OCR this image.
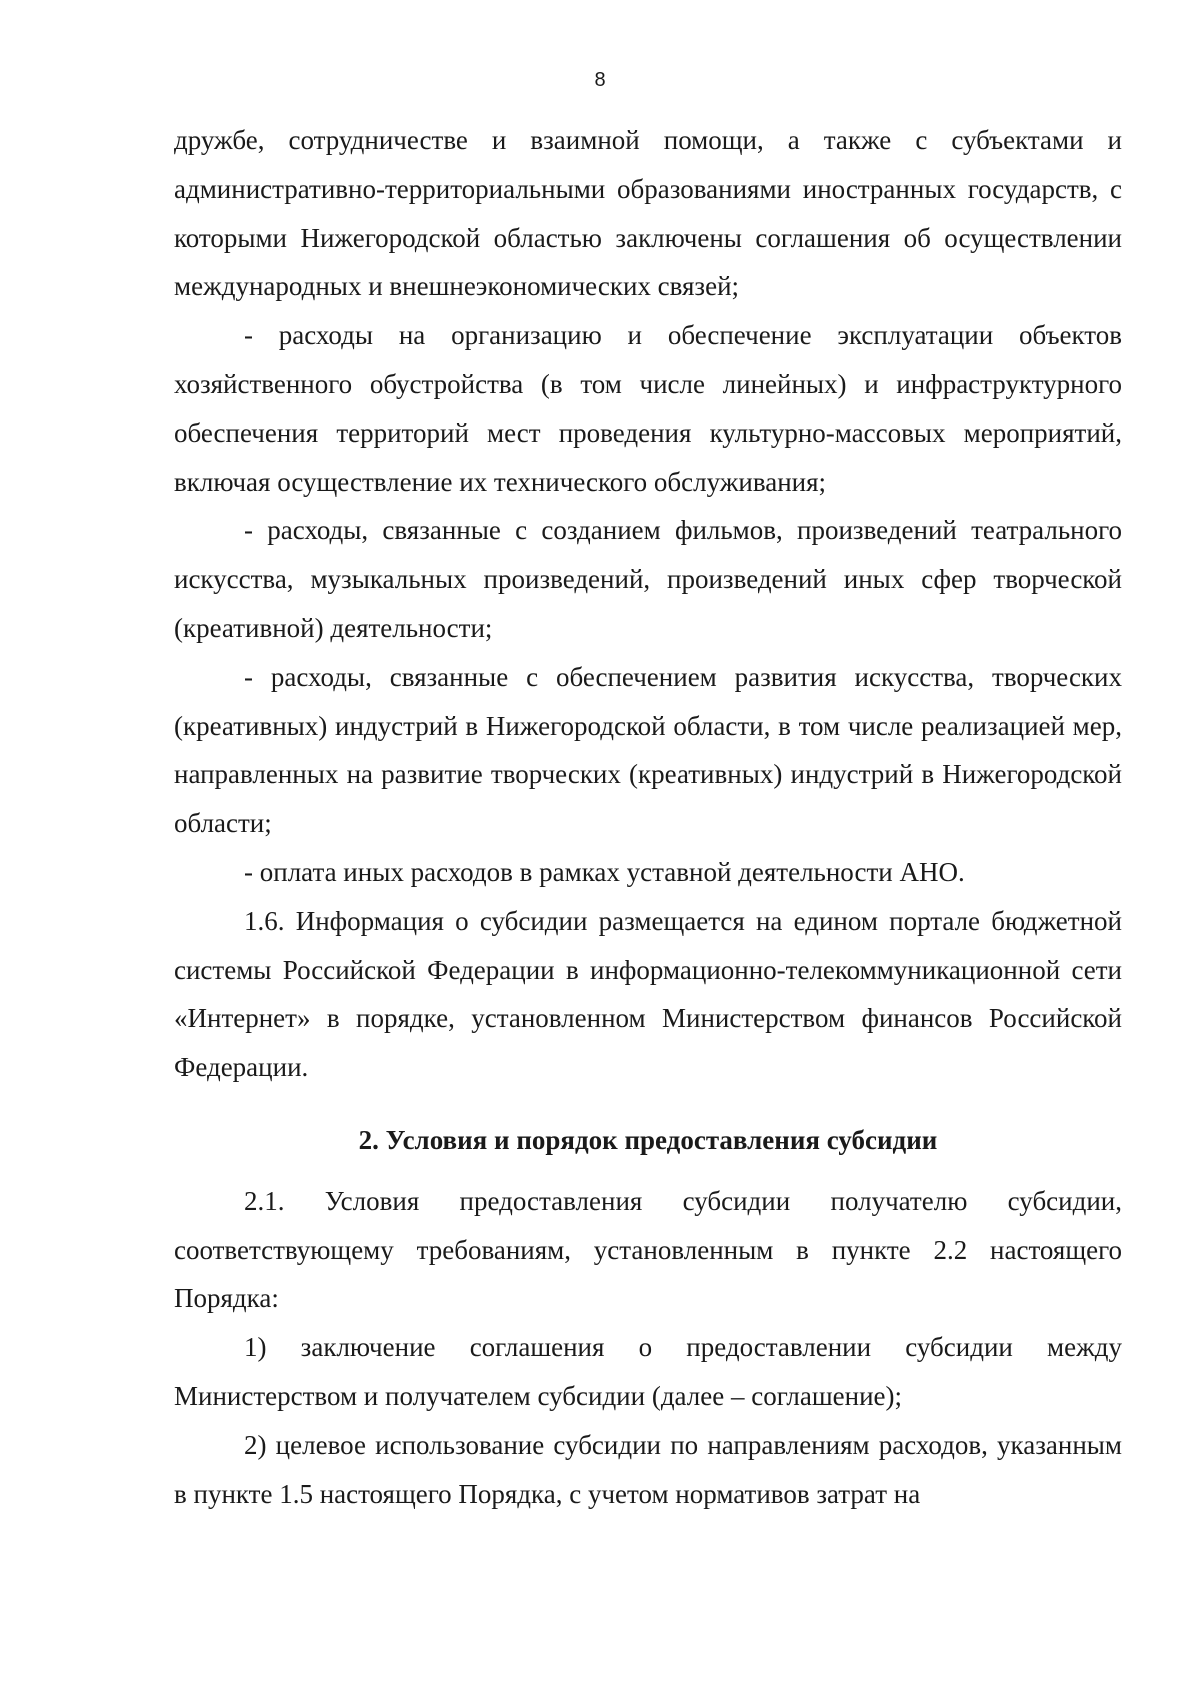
8

дружбе, сотрудничестве и взаимной помощи, а также с субъектами и административно-территориальными образованиями иностранных государств, с которыми Нижегородской областью заключены соглашения об осуществлении международных и внешнеэкономических связей;

- расходы на организацию и обеспечение эксплуатации объектов хозяйственного обустройства (в том числе линейных) и инфраструктурного обеспечения территорий мест проведения культурно-массовых мероприятий, включая осуществление их технического обслуживания;

- расходы, связанные с созданием фильмов, произведений театрального искусства, музыкальных произведений, произведений иных сфер творческой (креативной) деятельности;

- расходы, связанные с обеспечением развития искусства, творческих (креативных) индустрий в Нижегородской области, в том числе реализацией мер, направленных на развитие творческих (креативных) индустрий в Нижегородской области;

- оплата иных расходов в рамках уставной деятельности АНО.

1.6. Информация о субсидии размещается на едином портале бюджетной системы Российской Федерации в информационно-телекоммуникационной сети «Интернет» в порядке, установленном Министерством финансов Российской Федерации.

2. Условия и порядок предоставления субсидии

2.1. Условия предоставления субсидии получателю субсидии, соответствующему требованиям, установленным в пункте 2.2 настоящего Порядка:

1) заключение соглашения о предоставлении субсидии между Министерством и получателем субсидии (далее – соглашение);

2) целевое использование субсидии по направлениям расходов, указанным в пункте 1.5 настоящего Порядка, с учетом нормативов затрат на
